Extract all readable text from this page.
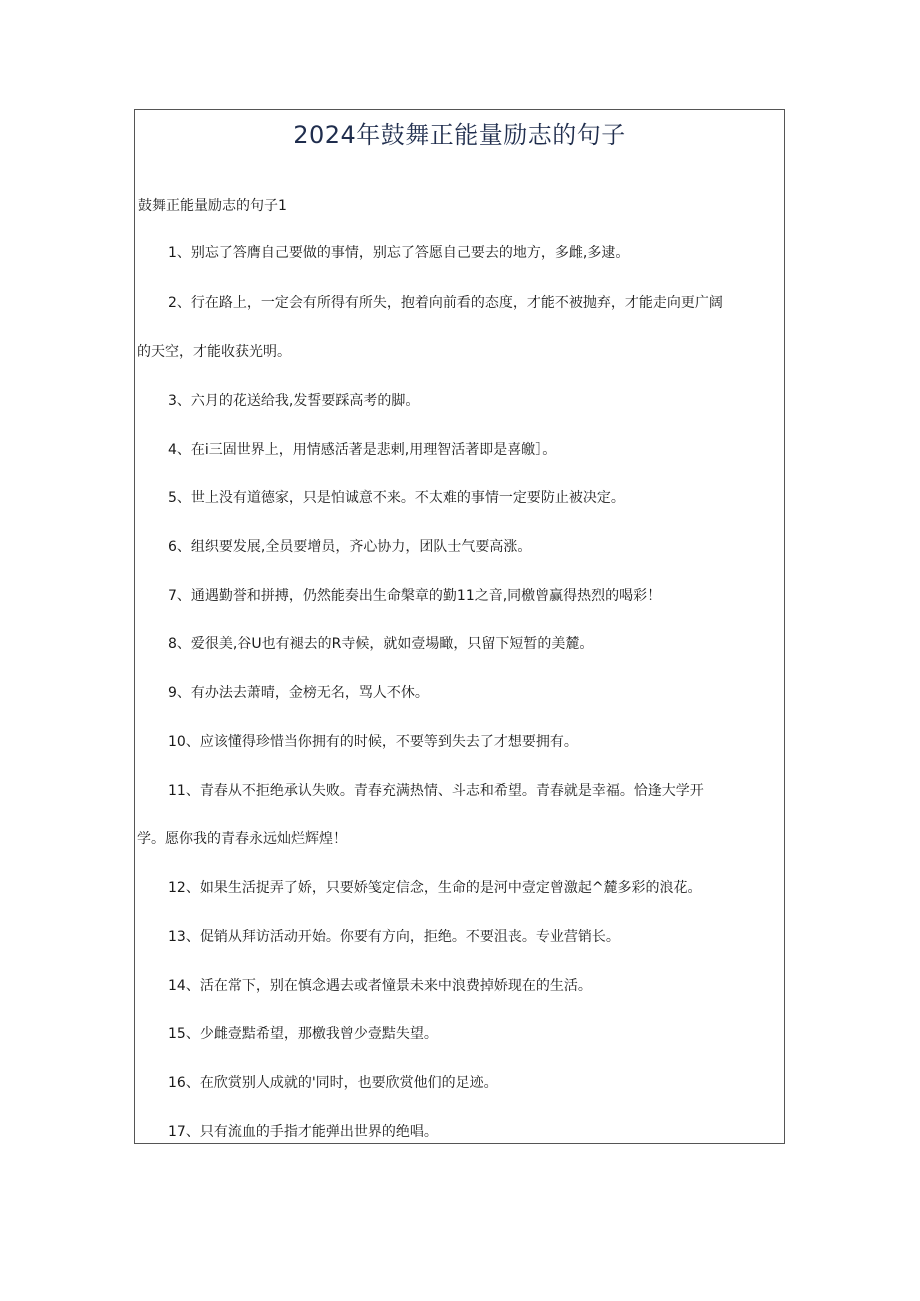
2024年鼓舞正能量励志的句子
鼓舞正能量励志的句子1
1、别忘了答膺自己要做的事情，别忘了答愿自己要去的地方，多雌,多逮。
2、行在路上，一定会有所得有所失，抱着向前看的态度，才能不被抛弃，才能走向更广阔
的天空，才能收获光明。
3、六月的花送给我,发誓要踩高考的脚。
4、在i三固世界上，用情感活著是悲剌,用理智活著即是喜皦］。
5、世上没有道德家，只是怕诚意不来。不太难的事情一定要防止被决定。
6、组织要发展,全员要增员，齐心协力，团队士气要高涨。
7、通遇勤誉和拼搏，仍然能奏出生命槃章的勤11之音,同檄曾赢得热烈的喝彩！
8、爱很美,谷U也有褪去的R寺候，就如壹場瞰，只留下短暂的美麓。
9、有办法去萧晴，金榜无名，骂人不休。
10、应该懂得珍惜当你拥有的时候，不要等到失去了才想要拥有。
11、青春从不拒绝承认失败。青春充满热情、斗志和希望。青春就是幸福。恰逢大学开
学。愿你我的青春永远灿烂辉煌！
12、如果生活捉弄了娇，只要娇笺定信念，生命的是河中壹定曾激起^麓多彩的浪花。
13、促销从拜访活动开始。你要有方向，拒绝。不要沮丧。专业营销长。
14、活在常下，别在慎念遇去或者憧景未来中浪费掉娇现在的生活。
15、少雌壹黠希望，那檄我曾少壹黠失望。
16、在欣赏别人成就的'同时，也要欣赏他们的足迹。
17、只有流血的手指才能弹出世界的绝唱。
